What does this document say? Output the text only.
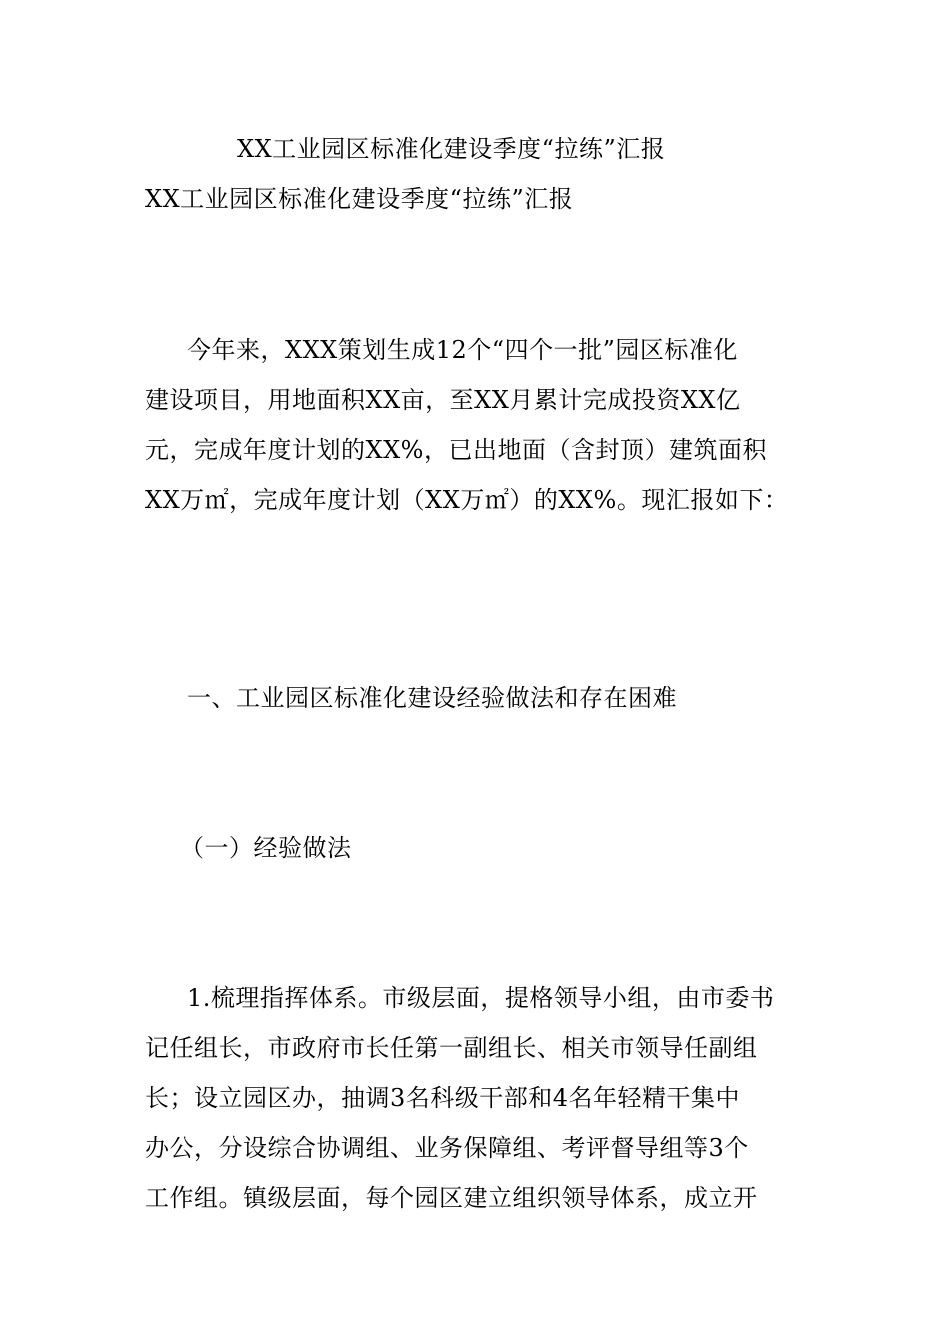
XX工业园区标准化建设季度“拉练”汇报
XX工业园区标准化建设季度“拉练”汇报
今年来，XXX策划生成12个“四个一批”园区标准化
建设项目，用地面积XX亩，至XX月累计完成投资XX亿
元，完成年度计划的XX%，已出地面（含封顶）建筑面积
XX万㎡，完成年度计划（XX万㎡）的XX%。现汇报如下：
一、工业园区标准化建设经验做法和存在困难
（一）经验做法
1.梳理指挥体系。市级层面，提格领导小组，由市委书
记任组长，市政府市长任第一副组长、相关市领导任副组
长；设立园区办，抽调3名科级干部和4名年轻精干集中
办公，分设综合协调组、业务保障组、考评督导组等3个
工作组。镇级层面，每个园区建立组织领导体系，成立开
